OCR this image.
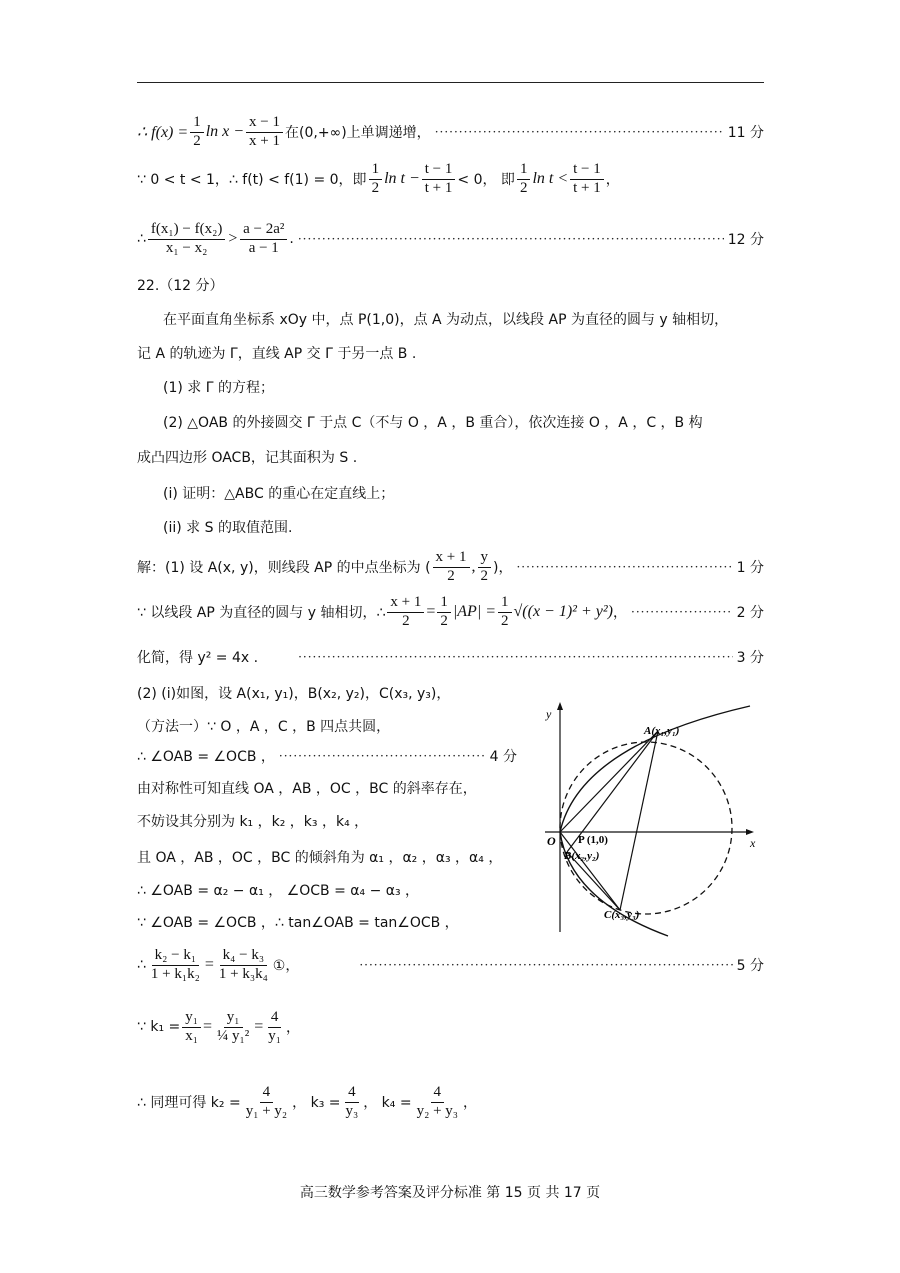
∴ $f(x) = \frac{1}{2}$ $\ln x - \frac{x - 1}{x + 1}$ 在(0,+∞)上单调递增， ·····	11 分
∵ 0 < t < 1，∴ f(t) < f(1) = 0，即 $\frac{1}{2}$ $\ln t - \frac{t - 1}{t + 1} < 0$， 即 $\frac{1}{2}$ $\ln t < \frac{t - 1}{t + 1}$ ，
∴ $\frac{\text{f(x₁) − f(x₂)}}{\text{x₁ − x₂}} > \frac{\text{a − 2a²}}{a - 1}$ . ·····	12 分
22.（12 分）
在平面直角坐标系 xOy 中，点 P(1,0)，点 A 为动点，以线段 AP 为直径的圆与 y 轴相切，
记 A 的轨迹为 Γ，直线 AP 交 Γ 于另一点 B .
(1) 求 Γ 的方程；
(2) △OAB 的外接圆交 Γ 于点 C（不与 O ，A ，B 重合），依次连接 O ，A ，C ，B 构
成凸四边形 OACB，记其面积为 S .
(i) 证明：△ABC 的重心在定直线上；
(ii) 求 S 的取值范围.
解：(1) 设 A(x, y)，则线段 AP 的中点坐标为 ( $\frac{x + 1}{2}$ , $\frac{y}{2}$ )， ·····	1 分
∵ 以线段 AP 为直径的圆与 y 轴相切，∴ $\frac{x + 1}{2} = \frac{1}{2} |AP| = \frac{1}{2} √((x - 1)^2 + y^2)$ ， ·····	2 分
化简，得 y² = 4x . ·····	3 分
(2) (i)如图，设 A(x₁, y₁)，B(x₂, y₂)，C(x₃, y₃)，
（方法一）∵ O ，A ，C ，B 四点共圆，
∴ ∠OAB = ∠OCB ， ·····	4 分
由对称性可知直线 OA ，AB ，OC ，BC 的斜率存在，
不妨设其分别为 k₁ ，k₂ ，k₃ ，k₄ ，
且 OA ，AB ，OC ，BC 的倾斜角为 α₁ ，α₂ ，α₃ ，α₄ ，
∴ ∠OAB = α₂ − α₁ ， ∠OCB = α₄ − α₃ ，
∵ ∠OAB = ∠OCB ，∴ tan∠OAB = tan∠OCB ，
∴ $\frac{\text{k₂ − k₁}}{\text{1 + k₁k₂}} = \frac{\text{k₄ − k₃}}{\text{1 + k₃k₄}}$ ①， ·····	5 分
∵ $k_1 = \frac{\text{y₁}}{\text{x₁}} = \frac{\text{y₁}}{\text{¼ y₁²}} = \frac{4}{\text{y₁}}$ ，
∴ 同理可得 $k_2 = \frac{4}{\text{y₁ + y₂}}$ ， $k_3 = \frac{4}{\text{y₃}}$ ， $k_4 = \frac{4}{\text{y₂ + y₃}}$ ，
y
x
O P (1,0)
A(x₁,y₁)
B(x₂,y₂)
C(x₃,y₃)
高三数学参考答案及评分标准 第 15 页 共 17 页
